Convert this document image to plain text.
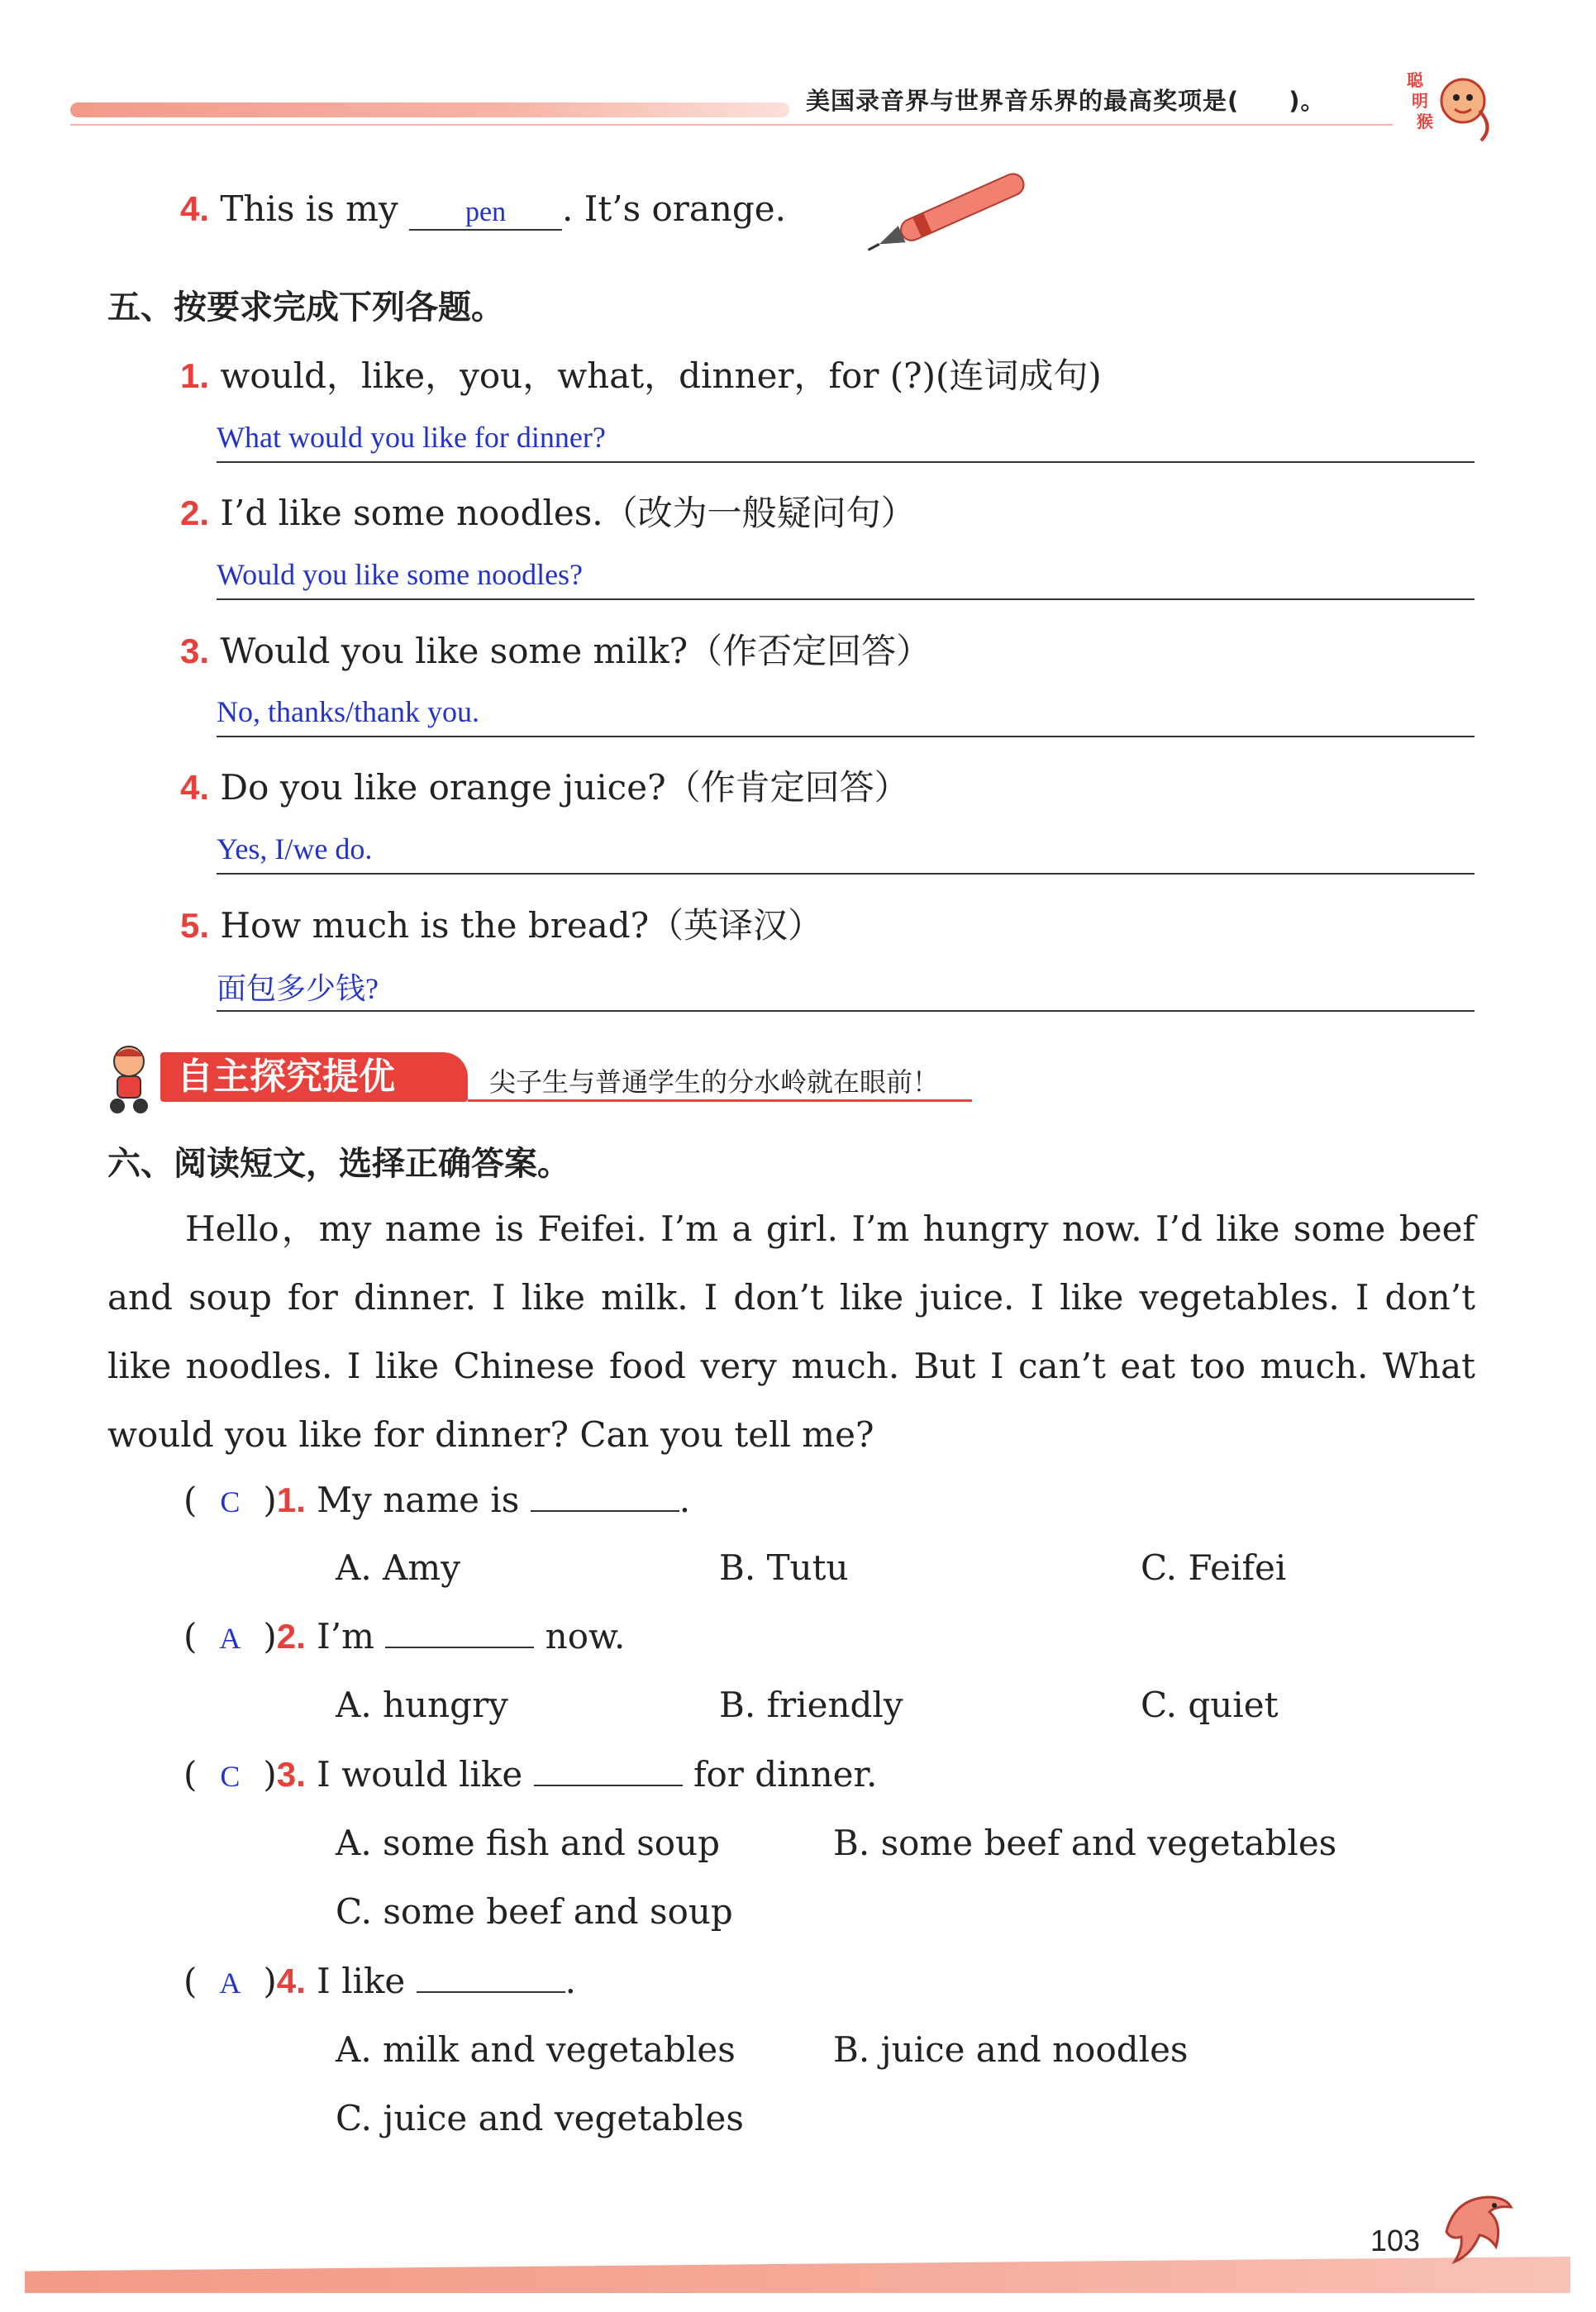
美国录音界与世界音乐界的最高奖项是(　　)。
聪
明
猴
4. This is my pen . It’s orange.
五、按要求完成下列各题。
1. would，like，you，what，dinner，for (?)(连词成句)
What would you like for dinner?
2. I’d like some noodles.（改为一般疑问句）
Would you like some noodles?
3. Would you like some milk?（作否定回答）
No, thanks/thank you.
4. Do you like orange juice?（作肯定回答）
Yes, I/we do.
5. How much is the bread?（英译汉）
面包多少钱?
自主探究提优	尖子生与普通学生的分水岭就在眼前！
六、阅读短文，选择正确答案。

Hello，my name is Feifei. I’m a girl. I’m hungry now. I’d like some beef and soup for dinner. I like milk. I don’t like juice. I like vegetables. I don’t like noodles. I like Chinese food very much. But I can’t eat too much. What would you like for dinner? Can you tell me?

( C )1. My name is	.
A. Amy	B. Tutu	C. Feifei
( A )2. I’m	now.
A. hungry	B. friendly	C. quiet
( C )3. I would like	for dinner.
A. some fish and soup	B. some beef and vegetables
C. some beef and soup
( A )4. I like	.
A. milk and vegetables	B. juice and noodles
C. juice and vegetables
103
